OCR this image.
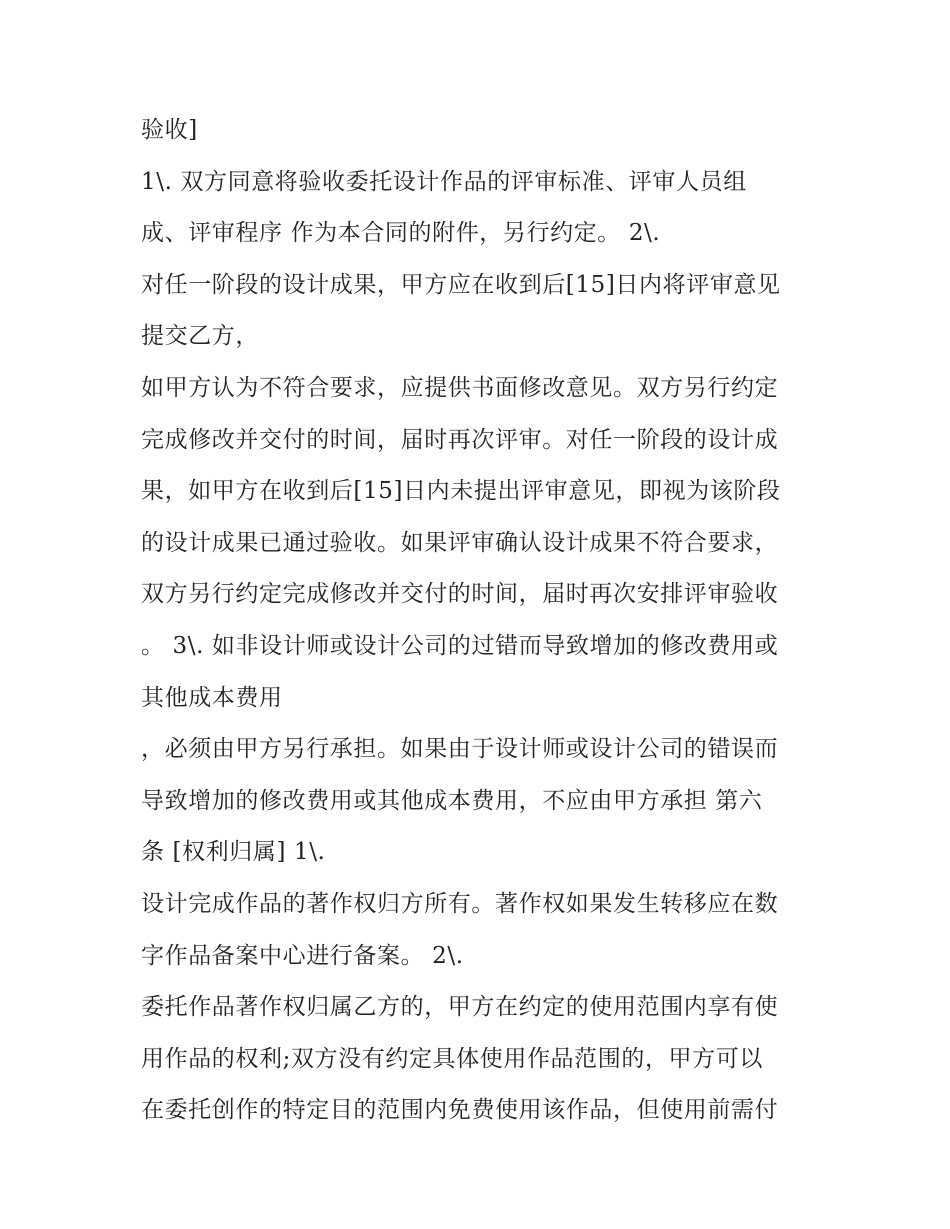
验收]
1\. 双方同意将验收委托设计作品的评审标准、评审人员组
成、评审程序 作为本合同的附件，另行约定。 2\.
对任一阶段的设计成果，甲方应在收到后[15]日内将评审意见
提交乙方，
如甲方认为不符合要求，应提供书面修改意见。双方另行约定
完成修改并交付的时间，届时再次评审。对任一阶段的设计成
果，如甲方在收到后[15]日内未提出评审意见，即视为该阶段
的设计成果已通过验收。如果评审确认设计成果不符合要求，
双方另行约定完成修改并交付的时间，届时再次安排评审验收
。 3\. 如非设计师或设计公司的过错而导致增加的修改费用或
其他成本费用
，必须由甲方另行承担。如果由于设计师或设计公司的错误而
导致增加的修改费用或其他成本费用，不应由甲方承担 第六
条 [权利归属] 1\.
设计完成作品的著作权归方所有。著作权如果发生转移应在数
字作品备案中心进行备案。 2\.
委托作品著作权归属乙方的，甲方在约定的使用范围内享有使
用作品的权利;双方没有约定具体使用作品范围的，甲方可以
在委托创作的特定目的范围内免费使用该作品，但使用前需付
